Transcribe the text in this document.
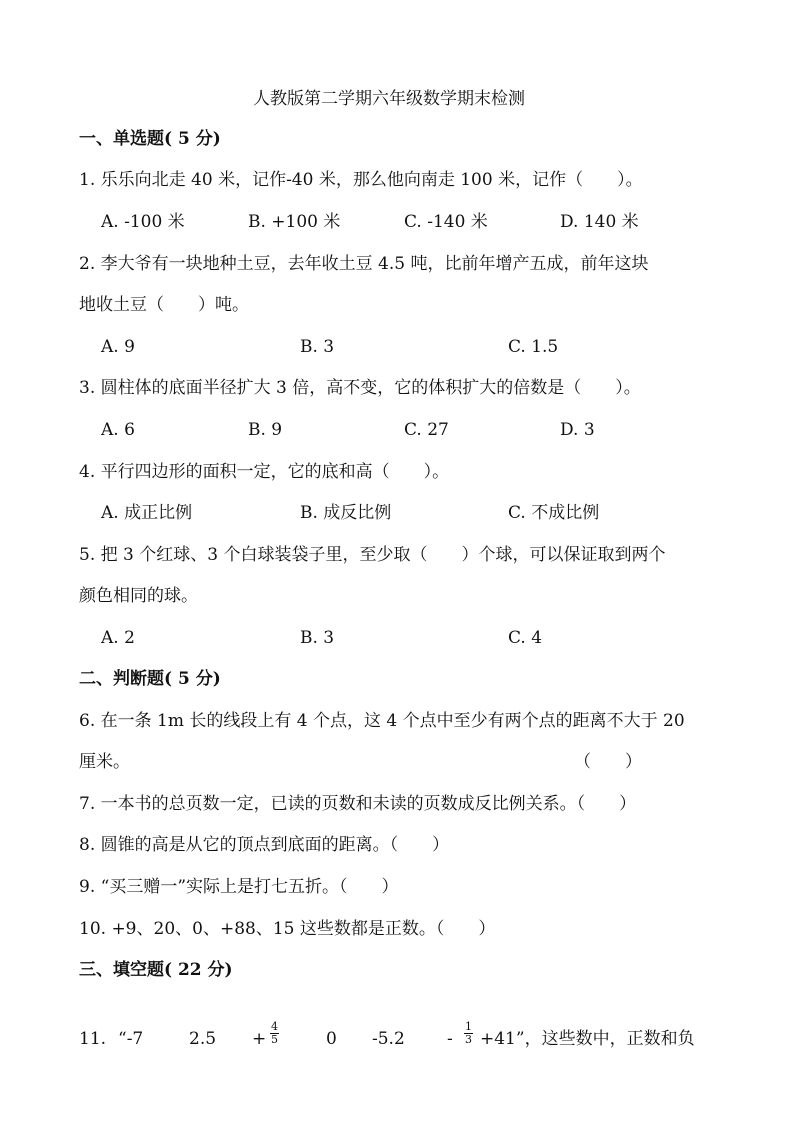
人教版第二学期六年级数学期末检测
一、单选题( 5 分)
1. 乐乐向北走 40 米，记作-40 米，那么他向南走 100 米，记作（　　）。
A. -100 米	B. +100 米	C. -140 米	D. 140 米
2. 李大爷有一块地种土豆，去年收土豆 4.5 吨，比前年增产五成，前年这块
地收土豆（　　）吨。
A. 9	B. 3	C. 1.5
3. 圆柱体的底面半径扩大 3 倍，高不变，它的体积扩大的倍数是（　　）。
A. 6	B. 9	C. 27	D. 3
4. 平行四边形的面积一定，它的底和高（　　）。
A. 成正比例	B. 成反比例	C. 不成比例
5. 把 3 个红球、3 个白球装袋子里，至少取（　　）个球，可以保证取到两个
颜色相同的球。
A. 2	B. 3	C. 4
二、判断题( 5 分)
6. 在一条 1m 长的线段上有 4 个点，这 4 个点中至少有两个点的距离不大于 20
厘米。	（　　）
7. 一本书的总页数一定，已读的页数和未读的页数成反比例关系。（　　）
8. 圆锥的高是从它的顶点到底面的距离。（　　）
9. “买三赠一”实际上是打七五折。（　　）
10. +9、20、0、+88、15 这些数都是正数。（　　）
三、填空题( 22 分)
11. “-7	$2.5 + \frac{4}{5}$	0 $-5.2 - \frac{1}{3} +41$”，这些数中，正数和负
